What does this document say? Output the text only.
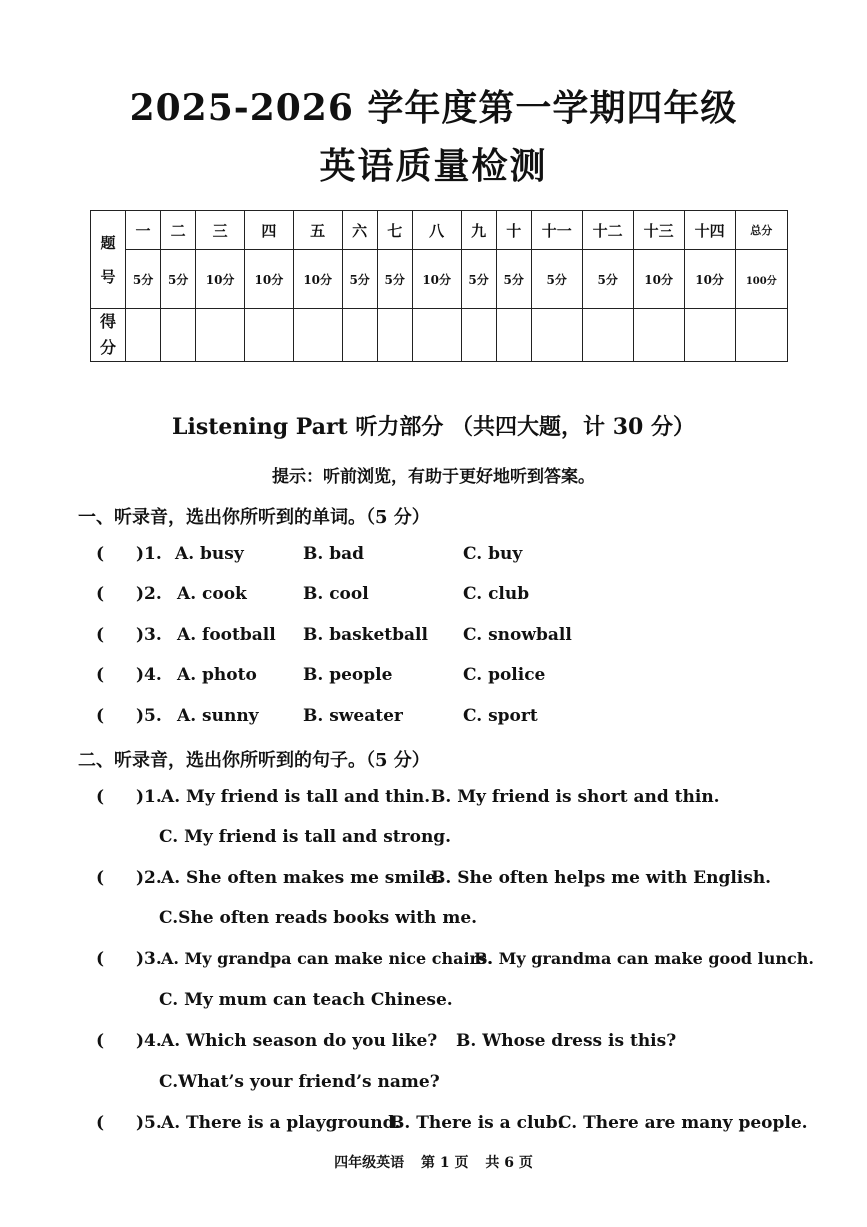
2025-2026 学年度第一学期四年级
英语质量检测
题
号	一	二	三	四	五	六	七	八	九	十	十一	十二	十三	十四	总分
	5分	5分	10分	10分	10分	5分	5分	10分	5分	5分	5分	5分	10分	10分	100分

得
分															

Listening Part 听力部分 （共四大题，计 30 分）
提示：听前浏览，有助于更好地听到答案。
一、听录音，选出你所听到的单词。（5 分）
( )1. A. busy	B. bad	C. buy
( )2. A. cook	B. cool	C. club
( )3. A. football B. basketball C. snowball
( )4. A. photo	B. people	C. police
( )5. A. sunny	B. sweater	C. sport
二、听录音，选出你所听到的句子。（5 分）
( )1. A. My friend is tall and thin. B. My friend is short and thin.
C. My friend is tall and strong.
( )2. A. She often makes me smile.
B. She often helps me with English.
C.She often reads books with me.
( )3. A. My grandpa can make nice chairs.
B. My grandma can make good lunch.
C. My mum can teach Chinese.
( )4. A. Which season do you like? B. Whose dress is this?
C.What’s your friend’s name?
( )5. A. There is a playground.
B. There is a club.
C. There are many people.
四年级英语 第 1 页 共 6 页
